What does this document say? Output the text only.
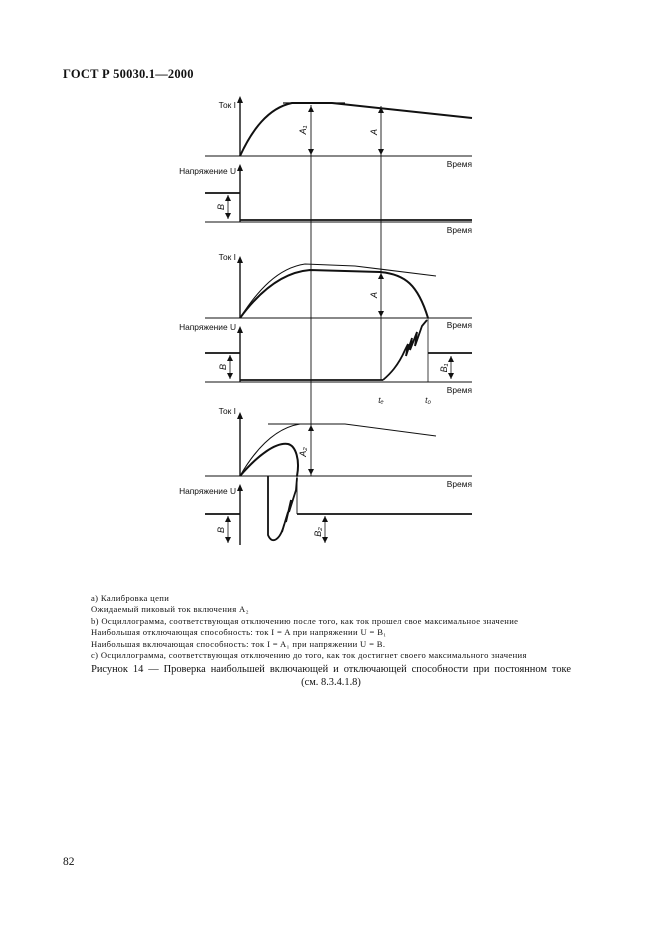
ГОСТ Р 50030.1—2000
Ток I
Напряжение U
Время
Время
Ток I
Напряжение U	Время
Время
Ток I
Напряжение U
Время
tₑ	t₀
A₁	A
A
A₂
B
B	B₁
B	B₂
a) Калибровка цепи
Ожидаемый пиковый ток включения A₂
b) Осциллограмма, соответствующая отключению после того, как ток прошел свое максимальное значение
Наибольшая отключающая способность: ток I = A при напряжении U = B₁
Наибольшая включающая способность: ток I = A₁ при напряжении U = B.
c) Осциллограмма, соответствующая отключению до того, как ток достигнет своего максимального значения
Рисунок 14 — Проверка наибольшей включающей и отключающей способности при постоянном токе
(см. 8.3.4.1.8)
82
